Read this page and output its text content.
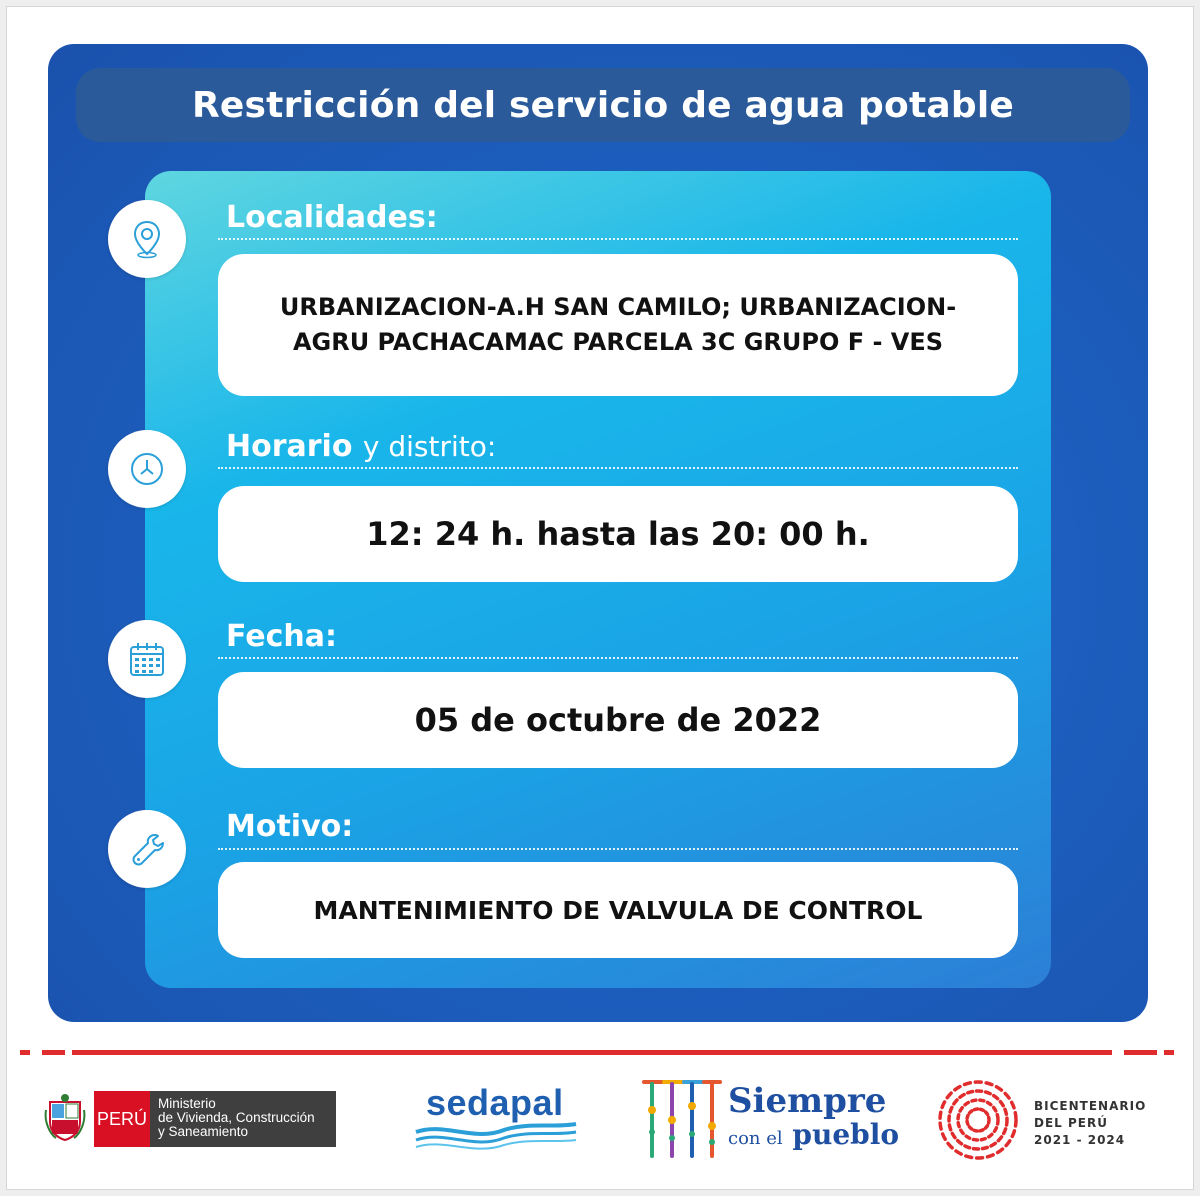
Restricción del servicio de agua potable
Localidades:
URBANIZACION-A.H SAN CAMILO; URBANIZACION-
AGRU PACHACAMAC PARCELA 3C GRUPO F - VES
Horario y distrito:
12: 24 h. hasta las 20: 00 h.
Fecha:
05 de octubre de 2022
Motivo:
MANTENIMIENTO DE VALVULA DE CONTROL
PERÚ
Ministerio
de Vivienda, Construcción
y Saneamiento
sedapal	Siempre
con el pueblo
BICENTENARIO
DEL PERÚ
2021 - 2024
